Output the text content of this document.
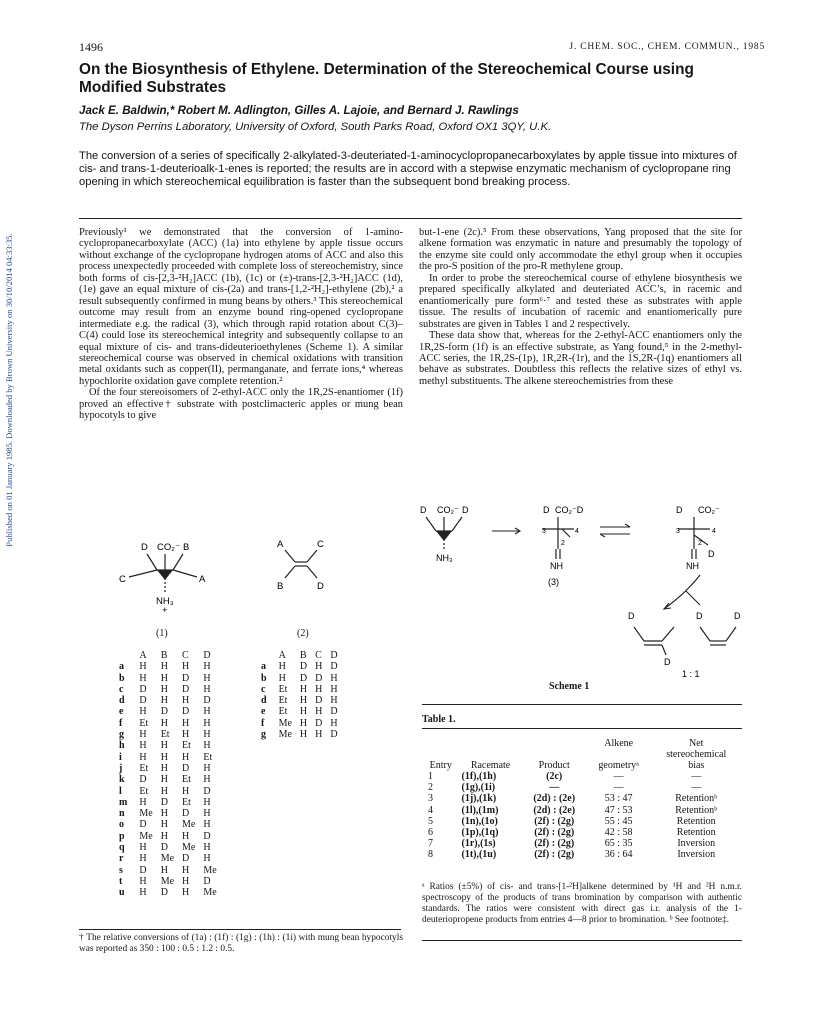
Published on 01 January 1985. Downloaded by Brown University on 30/10/2014 04:33:35.
1496	J. CHEM. SOC., CHEM. COMMUN., 1985
On the Biosynthesis of Ethylene. Determination of the Stereochemical Course using Modified Substrates
Jack E. Baldwin,* Robert M. Adlington, Gilles A. Lajoie, and Bernard J. Rawlings
The Dyson Perrins Laboratory, University of Oxford, South Parks Road, Oxford OX1 3QY, U.K.
The conversion of a series of specifically 2-alkylated-3-deuteriated-1-aminocyclopropanecarboxylates by apple tissue into mixtures of cis- and trans-1-deuterioalk-1-enes is reported; the results are in accord with a stepwise enzymatic mechanism of cyclopropane ring opening in which stereochemical equilibration is faster than the subsequent bond breaking process.

Previously¹ we demonstrated that the conversion of 1-amino-cyclopropanecarboxylate (ACC) (1a) into ethylene by apple tissue occurs without exchange of the cyclopropane hydrogen atoms of ACC and also this process unexpectedly proceeded with complete loss of stereochemistry, since both forms of cis-[2,3-²H₂]ACC (1b), (1c) or (±)-trans-[2,3-²H₂]ACC (1d), (1e) gave an equal mixture of cis-(2a) and trans-[1,2-²H₂]-ethylene (2b),² a result subsequently confirmed in mung beans by others.³ This stereochemical outcome may result from an enzyme bound ring-opened cyclopropane intermediate e.g. the radical (3), which through rapid rotation about C(3)–C(4) could lose its stereochemical integrity and subsequently collapse to an equal mixture of cis- and trans-dideuterioethylenes (Scheme 1). A similar stereochemical course was observed in chemical oxidations with transition metal oxidants such as copper(II), permanganate, and ferrate ions,⁴ whereas hypochlorite oxidation gave complete retention.²

Of the four stereoisomers of 2-ethyl-ACC only the 1R,2S-enantiomer (1f) proved an effective† substrate with postclimacteric apples or mung bean hypocotyls to give

but-1-ene (2c).⁵ From these observations, Yang proposed that the site for alkene formation was enzymatic in nature and presumably the topology of the enzyme site could only accommodate the ethyl group when it occupies the pro-S position of the pro-R methylene group.

In order to probe the stereochemical course of ethylene biosynthesis we prepared specifically alkylated and deuteriated ACC’s, in racemic and enantiomerically pure form⁶·⁷ and tested these as substrates with apple tissue. The results of incubation of racemic and enantiomerically pure substrates are given in Tables 1 and 2 respectively.

These data show that, whereas for the 2-ethyl-ACC enantiomers only the 1R,2S-form (1f) is an effective substrate, as Yang found,⁵ in the 2-methyl-ACC series, the 1R,2S-(1p), 1R,2R-(1r), and the 1S,2R-(1q) enantiomers all behave as substrates. Doubtless this reflects the relative sizes of ethyl vs. methyl substituents. The alkene stereochemistries from these

D CO₂⁻ B
C	A
NH₃
+
(1)
A	C
B	D
(2)
	A	B	C	D
a	H	H	H	H
b	H	H	D	H
c	D	H	D	H
d	D	H	H	D
e	H	D	D	H
f	Et	H	H	H
g	H	Et	H	H
h	H	H	Et	H
i	H	H	H	Et
j	Et	H	D	H
k	D	H	Et	H
l	Et	H	H	D
m	H	D	Et	H
n	Me	H	D	H
o	D	H	Me	H
p	Me	H	H	D
q	H	D	Me	H
r	H	Me	D	H
s	D	H	H	Me
t	H	Me	H	D
u	H	D	H	Me
	A	B	C	D
a	H	D	H	D
b	H	D	D	H
c	Et	H	H	H
d	Et	H	D	H
e	Et	H	H	D
f	Me	H	D	H
g	Me	H	H	D
D CO₂⁻ D
NH₃
D CO₂⁻D
3
2
4
NH
(3)
D CO₂⁻
3
2
4
D
NH
D
D
D	D
1 : 1
Scheme 1
Table 1.
			Alkene	Net
				stereochemical
Entry	Racemate	Product	geometryᵃ	bias
1	(1f),(1h)	(2c)	—	—
2	(1g),(1i)	—	—	—
3	(1j),(1k)	(2d) : (2e)	53 : 47	Retentionᵇ
4	(1l),(1m)	(2d) : (2e)	47 : 53	Retentionᵇ
5	(1n),(1o)	(2f) : (2g)	55 : 45	Retention
6	(1p),(1q)	(2f) : (2g)	42 : 58	Retention
7	(1r),(1s)	(2f) : (2g)	65 : 35	Inversion
8	(1t),(1u)	(2f) : (2g)	36 : 64	Inversion
ᵃ Ratios (±5%) of cis- and trans-[1-²H]alkene determined by ¹H and ²H n.m.r. spectroscopy of the products of trans bromination by comparison with authentic standards. The ratios were consistent with direct gas i.r. analysis of the 1-deuteriopropene products from entries 4—8 prior to bromination. ᵇ See footnote‡.
† The relative conversions of (1a) : (1f) : (1g) : (1h) : (1i) with mung bean hypocotyls was reported as 350 : 100 : 0.5 : 1.2 : 0.5.
